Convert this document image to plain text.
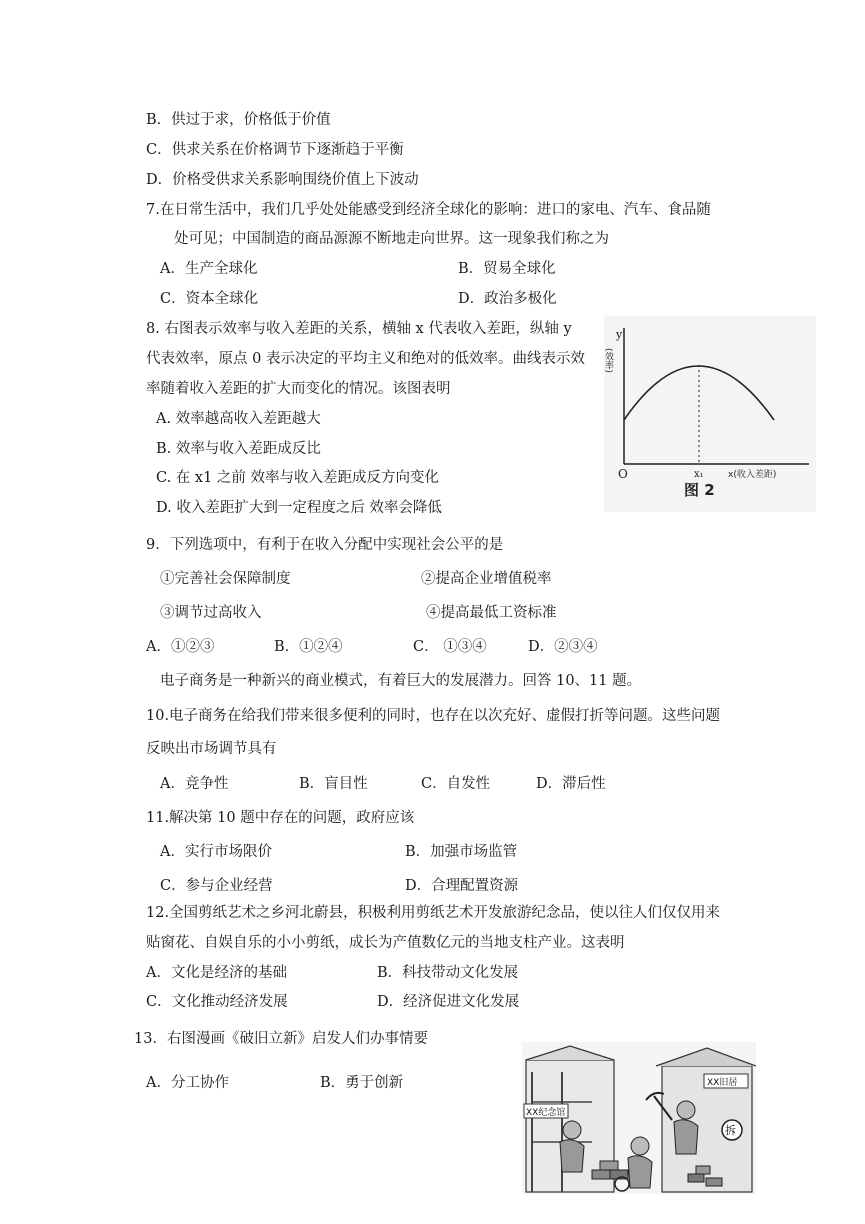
B．供过于求，价格低于价值
C．供求关系在价格调节下逐渐趋于平衡
D．价格受供求关系影响围绕价值上下波动
7.在日常生活中，我们几乎处处能感受到经济全球化的影响：进口的家电、汽车、食品随
处可见；中国制造的商品源源不断地走向世界。这一现象我们称之为
A．生产全球化	B．贸易全球化
C．资本全球化	D．政治多极化
8. 右图表示效率与收入差距的关系，横轴 x 代表收入差距，纵轴 y
代表效率，原点 0 表示决定的平均主义和绝对的低效率。曲线表示效
率随着收入差距的扩大而变化的情况。该图表明
A. 效率越高收入差距越大
B. 效率与收入差距成反比
C. 在 x1 之前 效率与收入差距成反方向变化
D. 收入差距扩大到一定程度之后 效率会降低
y
(效率)
O	x₁	x(收入差距)
图 2
9．下列选项中，有利于在收入分配中实现社会公平的是
①完善社会保障制度	②提高企业增值税率
③调节过高收入	④提高最低工资标准
A．①②③	B．①②④	C． ①③④	D．②③④
电子商务是一种新兴的商业模式，有着巨大的发展潜力。回答 10、11 题。
10.电子商务在给我们带来很多便利的同时，也存在以次充好、虚假打折等问题。这些问题
反映出市场调节具有
A．竞争性	B．盲目性	C．自发性	D．滞后性
11.解决第 10 题中存在的问题，政府应该
A．实行市场限价	B．加强市场监管
C．参与企业经营	D．合理配置资源
12.全国剪纸艺术之乡河北蔚县，积极利用剪纸艺术开发旅游纪念品，使以往人们仅仅用来
贴窗花、自娱自乐的小小剪纸，成长为产值数亿元的当地支柱产业。这表明
A．文化是经济的基础	B．科技带动文化发展
C．文化推动经济发展	D．经济促进文化发展
13．右图漫画《破旧立新》启发人们办事情要
A．分工协作	B．勇于创新
XX纪念馆
XX旧居
拆
